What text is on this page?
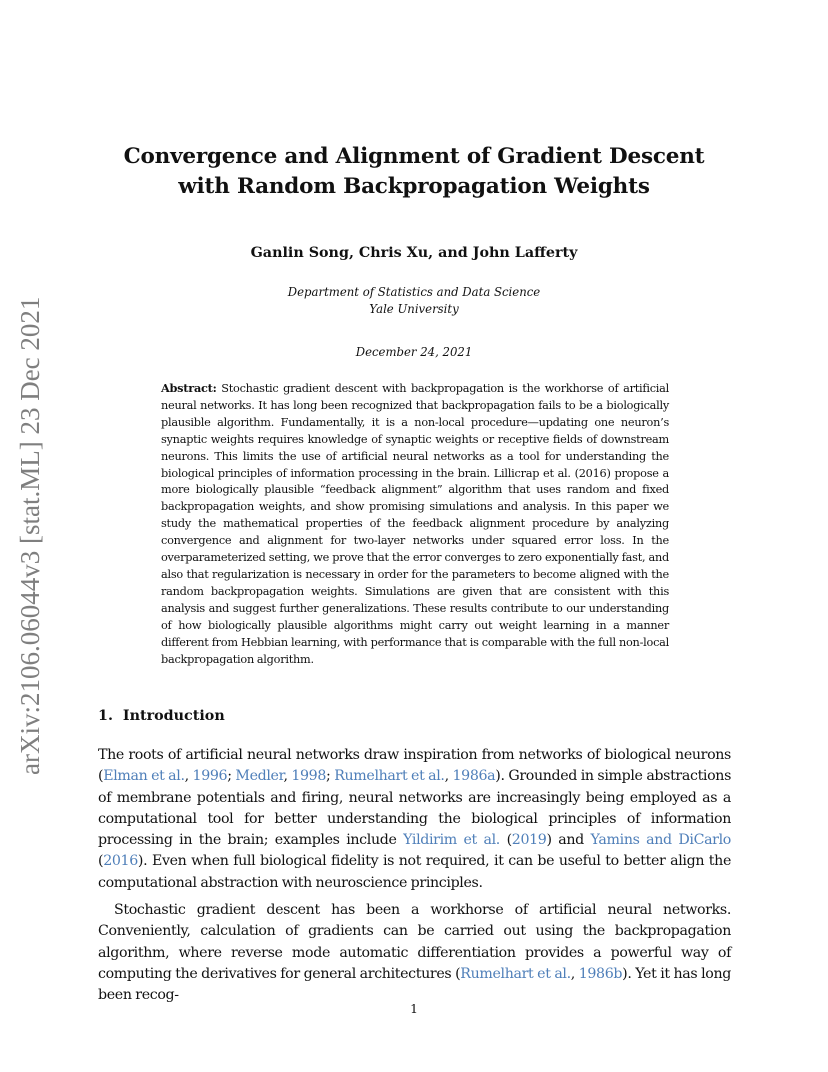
arXiv:2106.06044v3 [stat.ML] 23 Dec 2021
Convergence and Alignment of Gradient Descent
with Random Backpropagation Weights
Ganlin Song, Chris Xu, and John Lafferty
Department of Statistics and Data Science
Yale University
December 24, 2021
Abstract: Stochastic gradient descent with backpropagation is the workhorse of artificial neural networks. It has long been recognized that backpropagation fails to be a biologically plausible algorithm. Fundamentally, it is a non-local procedure—updating one neuron’s synaptic weights requires knowledge of synaptic weights or receptive fields of downstream neurons. This limits the use of artificial neural networks as a tool for understanding the biological principles of information processing in the brain. Lillicrap et al. (2016) propose a more biologically plausible “feedback alignment” algorithm that uses random and fixed backpropagation weights, and show promising simulations and analysis. In this paper we study the mathematical properties of the feedback alignment procedure by analyzing convergence and alignment for two-layer networks under squared error loss. In the overparameterized setting, we prove that the error converges to zero exponentially fast, and also that regularization is necessary in order for the parameters to become aligned with the random backpropagation weights. Simulations are given that are consistent with this analysis and suggest further generalizations. These results contribute to our understanding of how biologically plausible algorithms might carry out weight learning in a manner different from Hebbian learning, with performance that is comparable with the full non-local backpropagation algorithm.
1. Introduction
The roots of artificial neural networks draw inspiration from networks of biological neurons (Elman et al., 1996; Medler, 1998; Rumelhart et al., 1986a). Grounded in simple abstractions of membrane potentials and firing, neural networks are increasingly being employed as a computational tool for better understanding the biological principles of information processing in the brain; examples include Yildirim et al. (2019) and Yamins and DiCarlo (2016). Even when full biological fidelity is not required, it can be useful to better align the computational abstraction with neuroscience principles.
Stochastic gradient descent has been a workhorse of artificial neural networks. Conveniently, calculation of gradients can be carried out using the backpropagation algorithm, where reverse mode automatic differentiation provides a powerful way of computing the derivatives for general architectures (Rumelhart et al., 1986b). Yet it has long been recog-
1
